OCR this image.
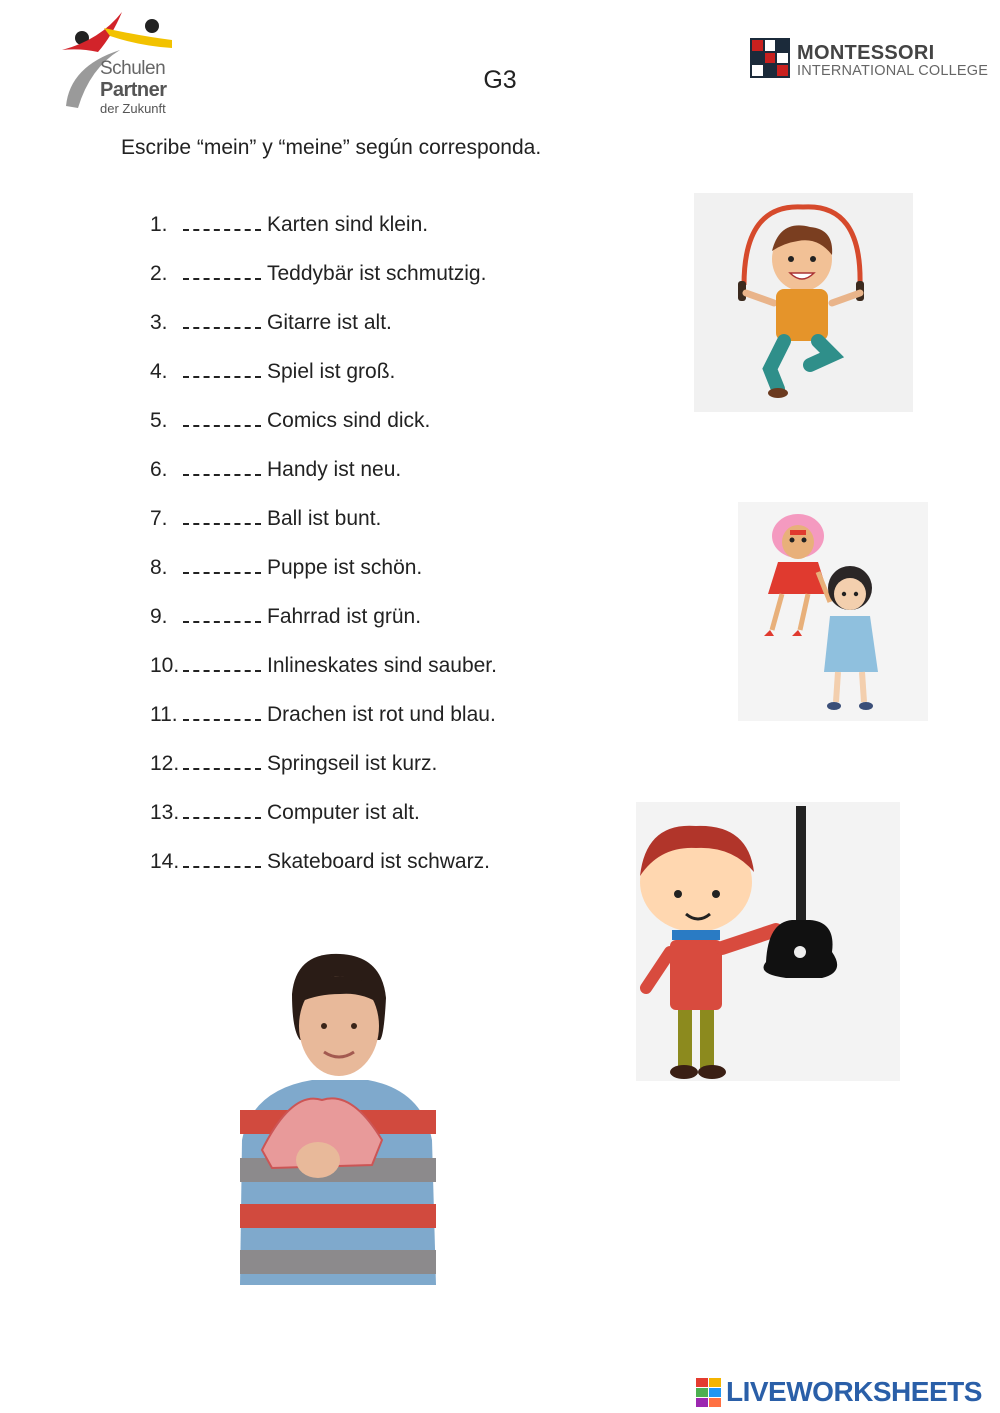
Schulen
Partner
der Zukunft
G3
MONTESSORI
INTERNATIONAL COLLEGE
Escribe “mein” y “meine” según corresponda.
1.	Karten sind klein.
2.	Teddybär ist schmutzig.
3.	Gitarre ist alt.
4.	Spiel ist groß.
5.	Comics sind dick.
6.	Handy ist neu.
7.	Ball ist bunt.
8.	Puppe ist schön.
9.	Fahrrad ist grün.
10.	Inlineskates sind sauber.
11.	Drachen ist rot und blau.
12.	Springseil ist kurz.
13.	Computer ist alt.
14.	Skateboard ist schwarz.
LIVEWORKSHEETS
